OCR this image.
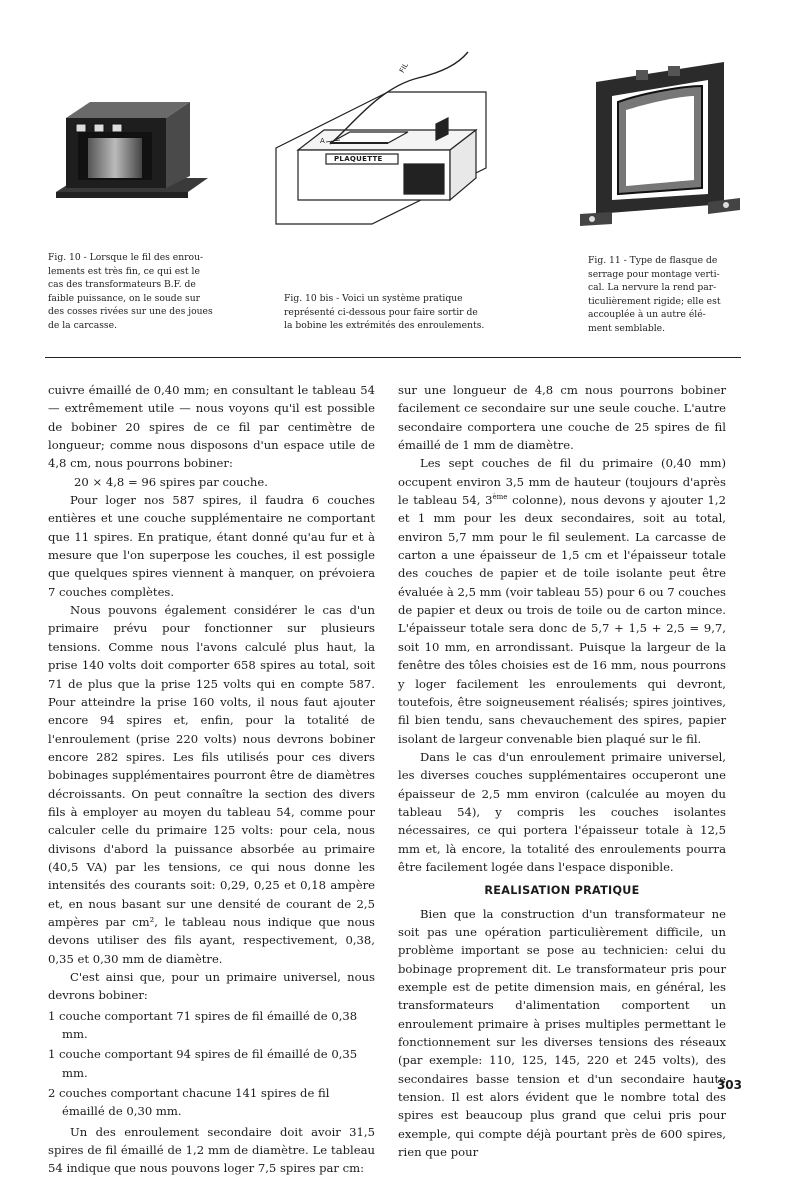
Fig. 10 - Lorsque le fil des enrou-

lements est très fin, ce qui est le

cas des transformateurs B.F. de

faible puissance, on le soude sur

des cosses rivées sur une des joues

de la carcasse.

FIL
A
PLAQUETTE

Fig. 10 bis - Voici un système pratique

représenté ci-dessous pour faire sortir de

la bobine les extrémités des enroulements.

Fig. 11 - Type de flasque de

serrage pour montage verti-

cal. La nervure la rend par-

ticulièrement rigide; elle est

accouplée à un autre élé-

ment semblable.

cuivre émaillé de 0,40 mm; en consultant le tableau 54 — extrêmement utile — nous voyons qu'il est possible de bobiner 20 spires de ce fil par centimètre de longueur; comme nous disposons d'un espace utile de 4,8 cm, nous pourrons bobiner:

20 × 4,8 = 96 spires par couche.

Pour loger nos 587 spires, il faudra 6 couches entières et une couche supplémentaire ne comportant que 11 spires. En pratique, étant donné qu'au fur et à mesure que l'on superpose les couches, il est possigle que quelques spires viennent à manquer, on prévoiera 7 couches complètes.

Nous pouvons également considérer le cas d'un primaire prévu pour fonctionner sur plusieurs tensions. Comme nous l'avons calculé plus haut, la prise 140 volts doit comporter 658 spires au total, soit 71 de plus que la prise 125 volts qui en compte 587. Pour atteindre la prise 160 volts, il nous faut ajouter encore 94 spires et, enfin, pour la totalité de l'enroulement (prise 220 volts) nous devrons bobiner encore 282 spires. Les fils utilisés pour ces divers bobinages supplémentaires pourront être de diamètres décroissants. On peut connaître la section des divers fils à employer au moyen du tableau 54, comme pour calculer celle du primaire 125 volts: pour cela, nous divisons d'abord la puissance absorbée au primaire (40,5 VA) par les tensions, ce qui nous donne les intensités des courants soit: 0,29, 0,25 et 0,18 ampère et, en nous basant sur une densité de courant de 2,5 ampères par cm², le tableau nous indique que nous devons utiliser des fils ayant, respectivement, 0,38, 0,35 et 0,30 mm de diamètre.

C'est ainsi que, pour un primaire universel, nous devrons bobiner:

1 couche comportant 71 spires de fil émaillé de 0,38 mm.

1 couche comportant 94 spires de fil émaillé de 0,35 mm.

2 couches comportant chacune 141 spires de fil émaillé de 0,30 mm.

Un des enroulement secondaire doit avoir 31,5 spires de fil émaillé de 1,2 mm de diamètre. Le tableau 54 indique que nous pouvons loger 7,5 spires par cm:

sur une longueur de 4,8 cm nous pourrons bobiner facilement ce secondaire sur une seule couche. L'autre secondaire comportera une couche de 25 spires de fil émaillé de 1 mm de diamètre.

Les sept couches de fil du primaire (0,40 mm) occupent environ 3,5 mm de hauteur (toujours d'après le tableau 54, 3ème colonne), nous devons y ajouter 1,2 et 1 mm pour les deux secondaires, soit au total, environ 5,7 mm pour le fil seulement. La carcasse de carton a une épaisseur de 1,5 cm et l'épaisseur totale des couches de papier et de toile isolante peut être évaluée à 2,5 mm (voir tableau 55) pour 6 ou 7 couches de papier et deux ou trois de toile ou de carton mince. L'épaisseur totale sera donc de 5,7 + 1,5 + 2,5 = 9,7, soit 10 mm, en arrondissant. Puisque la largeur de la fenêtre des tôles choisies est de 16 mm, nous pourrons y loger facilement les enroulements qui devront, toutefois, être soigneusement réalisés; spires jointives, fil bien tendu, sans chevauchement des spires, papier isolant de largeur convenable bien plaqué sur le fil.

Dans le cas d'un enroulement primaire universel, les diverses couches supplémentaires occuperont une épaisseur de 2,5 mm environ (calculée au moyen du tableau 54), y compris les couches isolantes nécessaires, ce qui portera l'épaisseur totale à 12,5 mm et, là encore, la totalité des enroulements pourra être facilement logée dans l'espace disponible.

REALISATION PRATIQUE

Bien que la construction d'un transformateur ne soit pas une opération particulièrement difficile, un problème important se pose au technicien: celui du bobinage proprement dit. Le transformateur pris pour exemple est de petite dimension mais, en général, les transformateurs d'alimentation comportent un enroulement primaire à prises multiples permettant le fonctionnement sur les diverses tensions des réseaux (par exemple: 110, 125, 145, 220 et 245 volts), des secondaires basse tension et d'un secondaire haute tension. Il est alors évident que le nombre total des spires est beaucoup plus grand que celui pris pour exemple, qui compte déjà pourtant près de 600 spires, rien que pour

303
